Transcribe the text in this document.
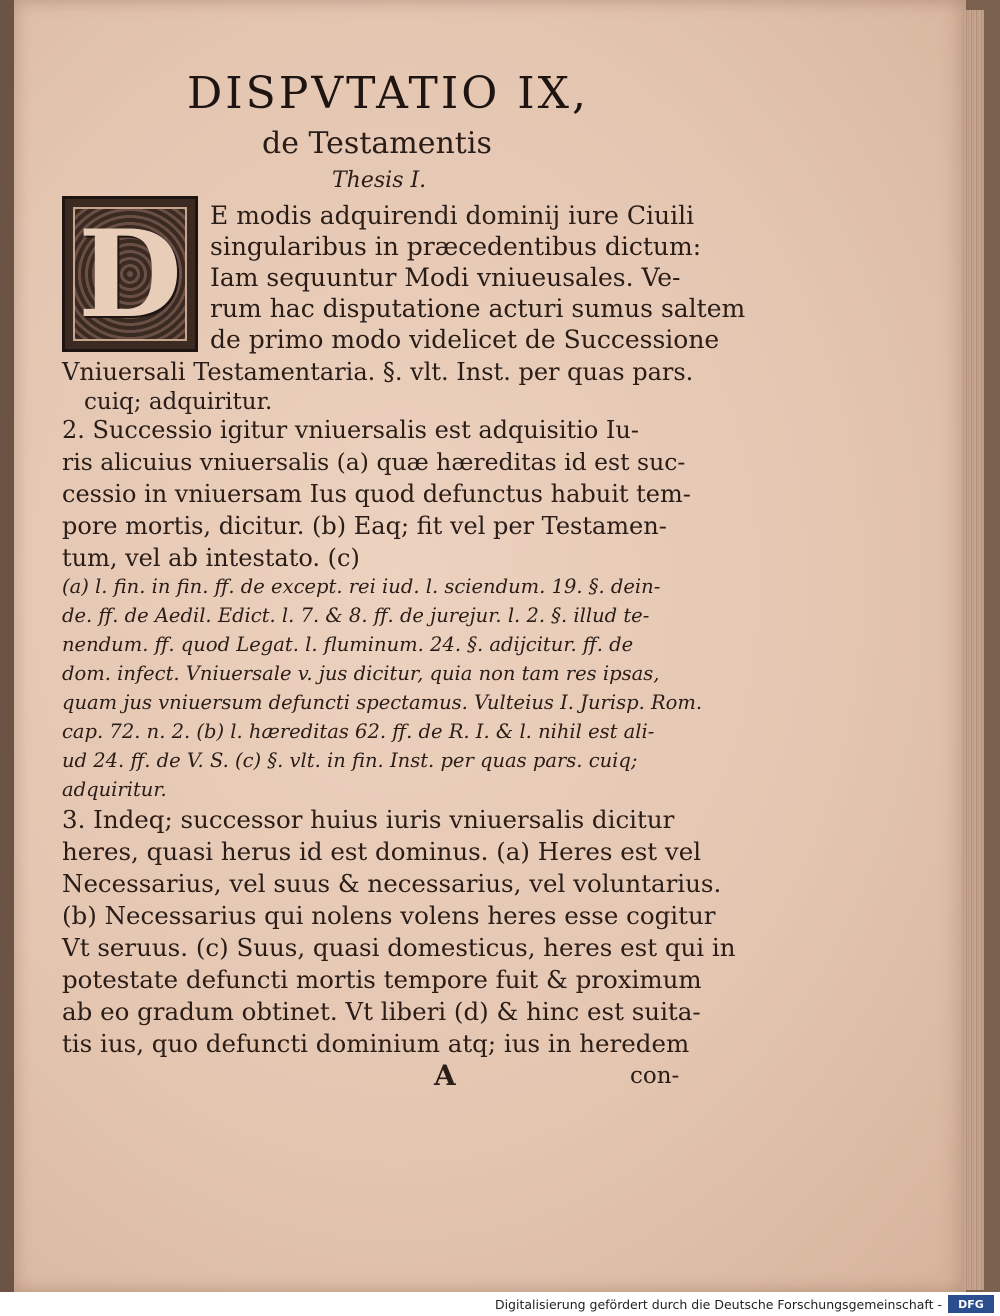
DISPVTATIO IX,
de Testamentis
Thesis I.
D	E modis adquirendi dominij iure Ciuili
singularibus in præcedentibus dictum:
Iam sequuntur Modi vniueusales. Ve-
rum hac disputatione acturi sumus saltem
de primo modo videlicet de Successione
Vniuersali Testamentaria. §. vlt. Inst. per quas pars.
cuiq; adquiritur.
2. Successio igitur vniuersalis est adquisitio Iu-
ris alicuius vniuersalis (a) quæ hæreditas id est suc-
cessio in vniuersam Ius quod defunctus habuit tem-
pore mortis, dicitur. (b) Eaq; fit vel per Testamen-
tum, vel ab intestato. (c)
(a) l. fin. in fin. ff. de except. rei iud. l. sciendum. 19. §. dein-
de. ff. de Aedil. Edict. l. 7. & 8. ff. de jurejur. l. 2. §. illud te-
nendum. ff. quod Legat. l. fluminum. 24. §. adijcitur. ff. de
dom. infect. Vniuersale v. jus dicitur, quia non tam res ipsas,
quam jus vniuersum defuncti spectamus. Vulteius I. Jurisp. Rom.
cap. 72. n. 2. (b) l. hæreditas 62. ff. de R. I. & l. nihil est ali-
ud 24. ff. de V. S. (c) §. vlt. in fin. Inst. per quas pars. cuiq;
adquiritur.
3. Indeq; successor huius iuris vniuersalis dicitur
heres, quasi herus id est dominus. (a) Heres est vel
Necessarius, vel suus & necessarius, vel voluntarius.
(b) Necessarius qui nolens volens heres esse cogitur
Vt seruus. (c) Suus, quasi domesticus, heres est qui in
potestate defuncti mortis tempore fuit & proximum
ab eo gradum obtinet. Vt liberi (d) & hinc est suita-
tis ius, quo defuncti dominium atq; ius in heredem
A	con-
Digitalisierung gefördert durch die Deutsche Forschungsgemeinschaft -	DFG
